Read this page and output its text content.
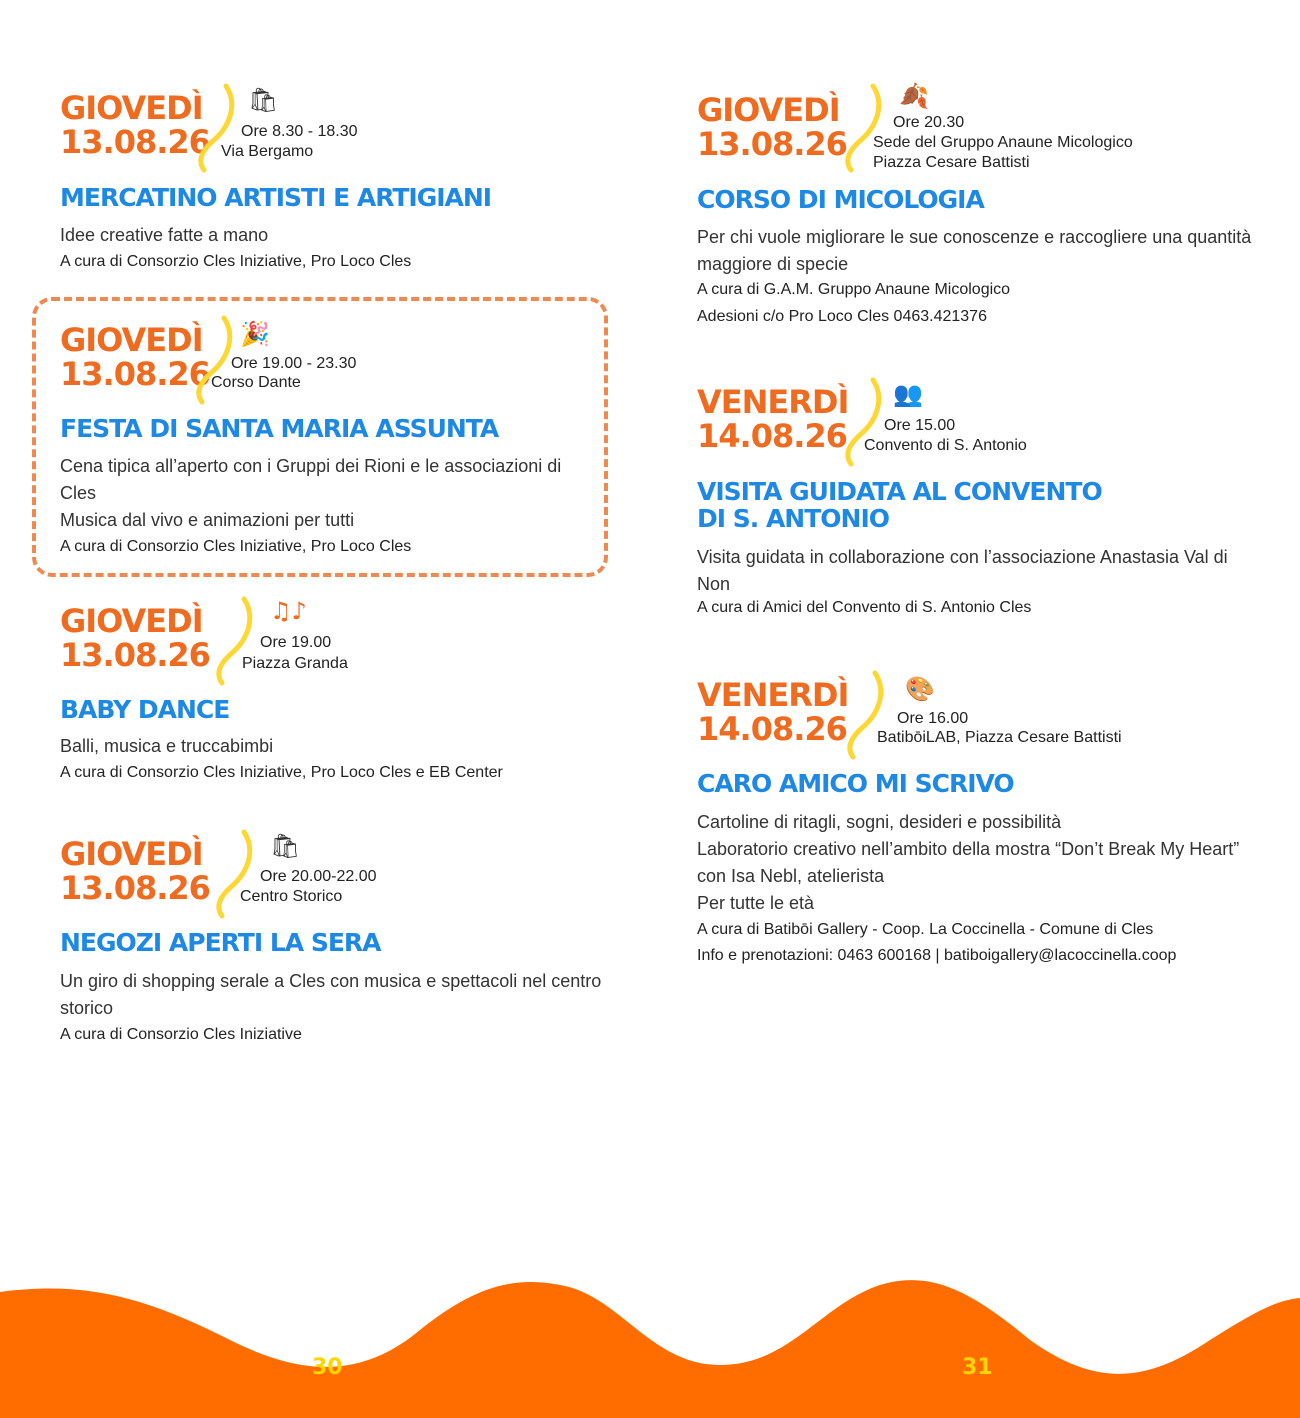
GIOVEDÌ
13.08.26
🛍
Ore 8.30 - 18.30
Via Bergamo
MERCATINO ARTISTI E ARTIGIANI
Idee creative fatte a mano
A cura di Consorzio Cles Iniziative, Pro Loco Cles
GIOVEDÌ
13.08.26
🎉
Ore 19.00 - 23.30
Corso Dante
FESTA DI SANTA MARIA ASSUNTA
Cena tipica all’aperto con i Gruppi dei Rioni e le associazioni di Cles
Musica dal vivo e animazioni per tutti
A cura di Consorzio Cles Iniziative, Pro Loco Cles
GIOVEDÌ
13.08.26
♫♪
Ore 19.00
Piazza Granda
BABY DANCE
Balli, musica e truccabimbi
A cura di Consorzio Cles Iniziative, Pro Loco Cles e EB Center
GIOVEDÌ
13.08.26
🛍
Ore 20.00-22.00
Centro Storico
NEGOZI APERTI LA SERA
Un giro di shopping serale a Cles con musica e spettacoli nel centro storico
A cura di Consorzio Cles Iniziative
GIOVEDÌ
13.08.26
🍂
Ore 20.30
Sede del Gruppo Anaune Micologico
Piazza Cesare Battisti
CORSO DI MICOLOGIA
Per chi vuole migliorare le sue conoscenze e raccogliere una quantità maggiore di specie
A cura di G.A.M. Gruppo Anaune Micologico
Adesioni c/o Pro Loco Cles 0463.421376
VENERDÌ
14.08.26
👥
Ore 15.00
Convento di S. Antonio
VISITA GUIDATA AL CONVENTO
DI S. ANTONIO
Visita guidata in collaborazione con l’associazione Anastasia Val di Non
A cura di Amici del Convento di S. Antonio Cles
VENERDÌ
14.08.26
🎨
Ore 16.00
BatibōiLAB, Piazza Cesare Battisti
CARO AMICO MI SCRIVO
Cartoline di ritagli, sogni, desideri e possibilità
Laboratorio creativo nell’ambito della mostra “Don’t Break My Heart” con Isa Nebl, atelierista
Per tutte le età
A cura di Batibōi Gallery - Coop. La Coccinella - Comune di Cles
Info e prenotazioni: 0463 600168 | batiboigallery@lacoccinella.coop
30	31
